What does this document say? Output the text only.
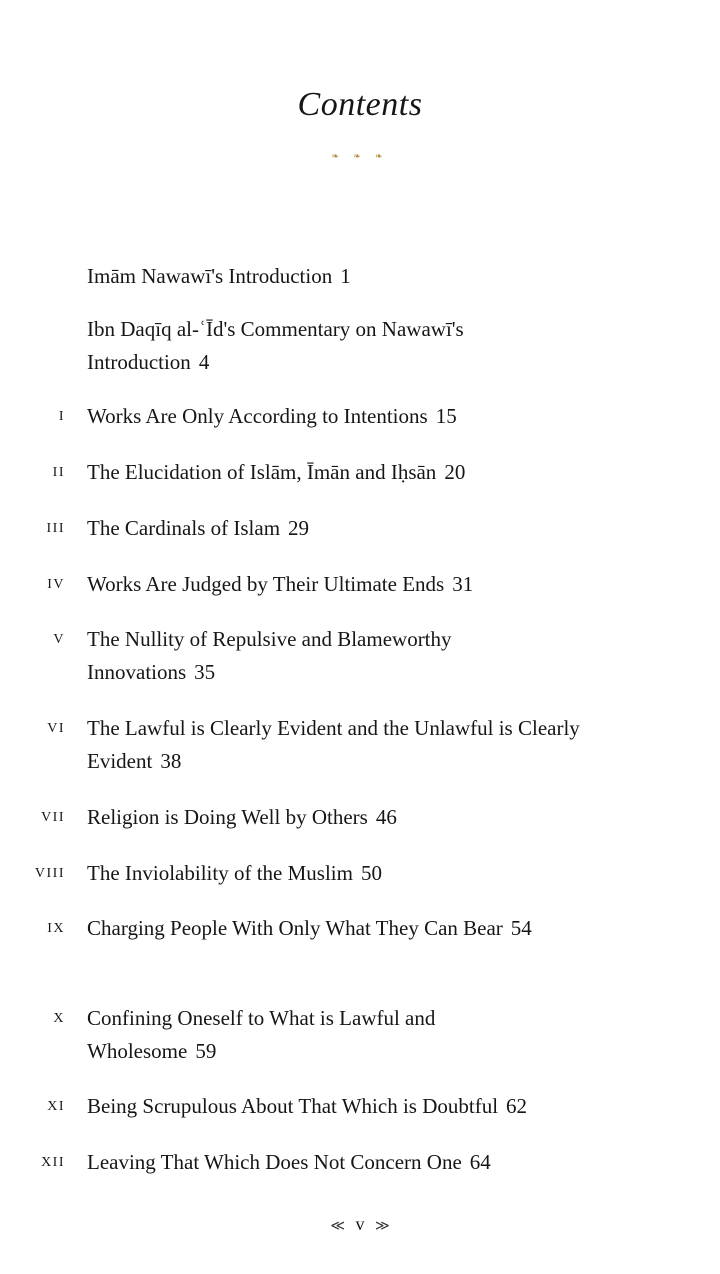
Contents
❧ ❧ ❧
Imām Nawawī's Introduction 1
Ibn Daqīq al-ʿĪd's Commentary on Nawawī's Introduction 4
I Works Are Only According to Intentions 15
II The Elucidation of Islām, Īmān and Iḥsān 20
III The Cardinals of Islam 29
IV Works Are Judged by Their Ultimate Ends 31
V The Nullity of Repulsive and Blameworthy Innovations 35
VI The Lawful is Clearly Evident and the Unlawful is Clearly Evident 38
VII Religion is Doing Well by Others 46
VIII The Inviolability of the Muslim 50
IX Charging People With Only What They Can Bear 54
X Confining Oneself to What is Lawful and Wholesome 59
XI Being Scrupulous About That Which is Doubtful 62
XII Leaving That Which Does Not Concern One 64
≪ v ≫
